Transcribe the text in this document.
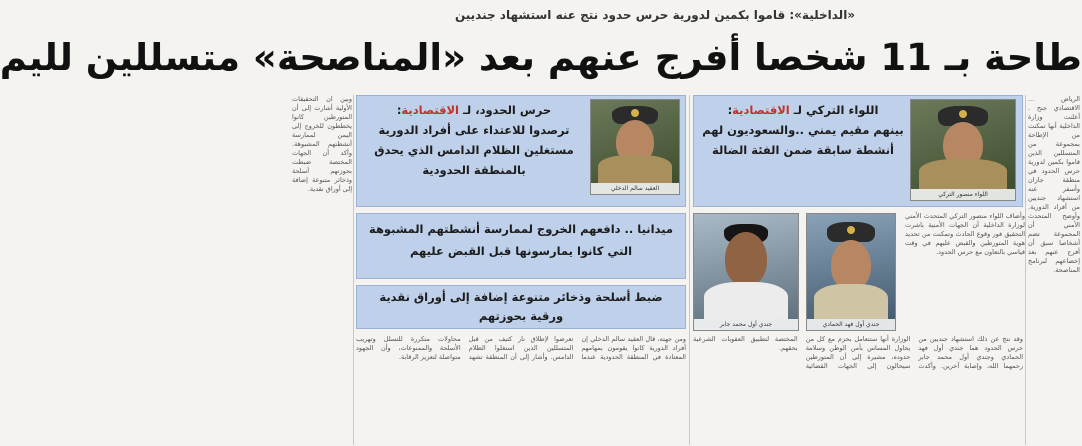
«الداخلية»: قاموا بكمين لدورية حرس حدود نتج عنه استشهاد جنديين
طاحة بـ 11 شخصا أفرج عنهم بعد «المناصحة» متسللين لليم
الرياض ... الاقتصادي جنح . أعلنت وزارة الداخلية أنها تمكنت من الإطاحة بمجموعة من المتسللين الذين قاموا بكمين لدورية حرس الحدود في منطقة جازان وأسفر عنه استشهاد جنديين من أفراد الدورية. وأوضح المتحدث الأمني أن المجموعة تضم أشخاصا سبق أن أفرج عنهم بعد إخضاعهم لبرنامج المناصحة.
وبين ان التحقيقات الأولية أشارت إلى أن المتورطين كانوا يخططون للخروج إلى اليمن لممارسة أنشطتهم المشبوهة. وأكد أن الجهات المختصة ضبطت بحوزتهم أسلحة وذخائر متنوعة إضافة إلى أوراق نقدية.
اللواء منصور التركي
اللواء التركي لـ الاقتصادية:
بينهم مقيم يمني ..والسعوديون لهم أنشطة سابقة ضمن الفئة الضالة
العقيد سالم الدخلي
حرس الحدود، لـ الاقتصادية:
ترصدوا للاعتداء على أفراد الدورية مستغلين الظلام الدامس الذي يحدق بالمنطقة الحدودية
ميدانيا .. دافعهم الخروج لممارسة أنشطتهم المشبوهة التي كانوا يمارسونها قبل القبض عليهم
ضبط أسلحة وذخائر متنوعة إضافة إلى أوراق نقدية ورقية بحوزتهم
جندي أول فهد الحمادي
جندي أول محمد جابر
وأضاف اللواء منصور التركي المتحدث الأمني لوزارة الداخلية أن الجهات الأمنية باشرت التحقيق فور وقوع الحادث وتمكنت من تحديد هوية المتورطين والقبض عليهم في وقت قياسي بالتعاون مع حرس الحدود.
وقد نتج عن ذلك استشهاد جنديين من حرس الحدود هما جندي أول فهد الحمادي وجندي أول محمد جابر رحمهما الله، وإصابة آخرين. وأكدت الوزارة أنها ستتعامل بحزم مع كل من يحاول المساس بأمن الوطن وسلامة حدوده، مشيرة إلى أن المتورطين سيحالون إلى الجهات القضائية المختصة لتطبيق العقوبات الشرعية بحقهم.
ومن جهته، قال العقيد سالم الدخلي إن أفراد الدورية كانوا يقومون بمهامهم المعتادة في المنطقة الحدودية عندما تعرضوا لإطلاق نار كثيف من قبل المتسللين الذين استغلوا الظلام الدامس. وأشار إلى أن المنطقة تشهد محاولات متكررة للتسلل وتهريب الأسلحة والممنوعات، وأن الجهود متواصلة لتعزيز الرقابة.
